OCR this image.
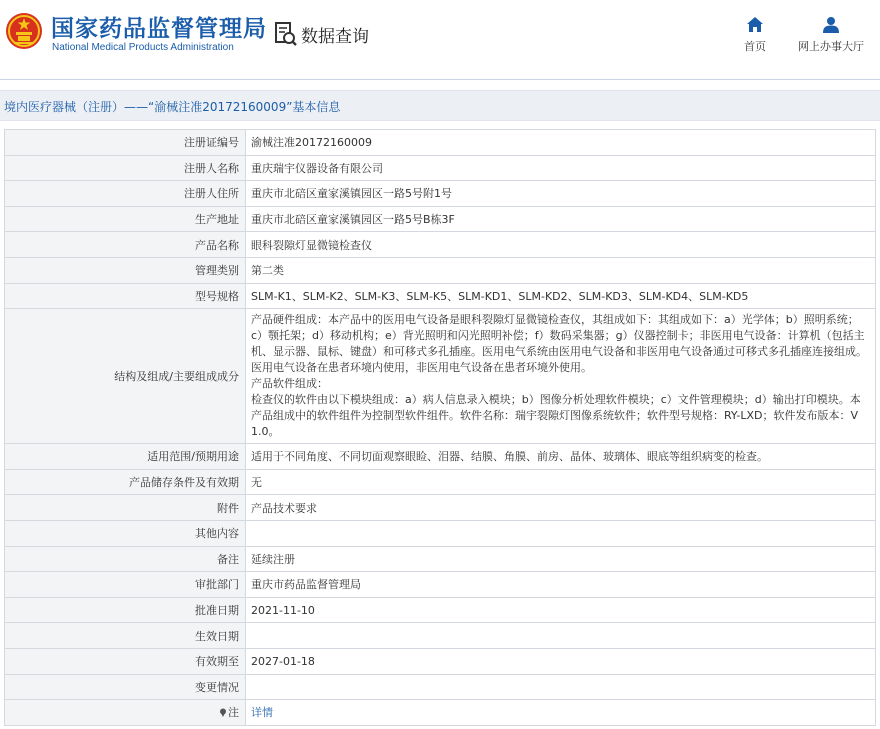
国家药品监督管理局
National Medical Products Administration
数据查询	首页	网上办事大厅
境内医疗器械（注册）——“渝械注准20172160009”基本信息
注册证编号	渝械注准20172160009
注册人名称	重庆瑞宇仪器设备有限公司
注册人住所	重庆市北碚区童家溪镇园区一路5号附1号
生产地址	重庆市北碚区童家溪镇园区一路5号B栋3F
产品名称	眼科裂隙灯显微镜检查仪
管理类别	第二类
型号规格	SLM-K1、SLM-K2、SLM-K3、SLM-K5、SLM-KD1、SLM-KD2、SLM-KD3、SLM-KD4、SLM-KD5
结构及组成/主要组成成分	产品硬件组成：本产品中的医用电气设备是眼科裂隙灯显微镜检查仪，其组成如下：其组成如下：a）光学体；b）照明系统；c）颚托架；d）移动机构；e）背光照明和闪光照明补偿；f）数码采集器；g）仪器控制卡；非医用电气设备：计算机（包括主机、显示器、鼠标、键盘）和可移式多孔插座。医用电气系统由医用电气设备和非医用电气设备通过可移式多孔插座连接组成。医用电气设备在患者环境内使用，非医用电气设备在患者环境外使用。
产品软件组成：
检查仪的软件由以下模块组成：a）病人信息录入模块；b）图像分析处理软件模块；c）文件管理模块；d）输出打印模块。本产品组成中的软件组件为控制型软件组件。软件名称：瑞宇裂隙灯图像系统软件；软件型号规格：RY-LXD；软件发布版本：V 1.0。

适用范围/预期用途	适用于不同角度、不同切面观察眼睑、泪器、结膜、角膜、前房、晶体、玻璃体、眼底等组织病变的检查。
产品储存条件及有效期	无
附件	产品技术要求
其他内容	
备注	延续注册
审批部门	重庆市药品监督管理局
批准日期	2021-11-10
生效日期	
有效期至	2027-01-18
变更情况	
注	详情
